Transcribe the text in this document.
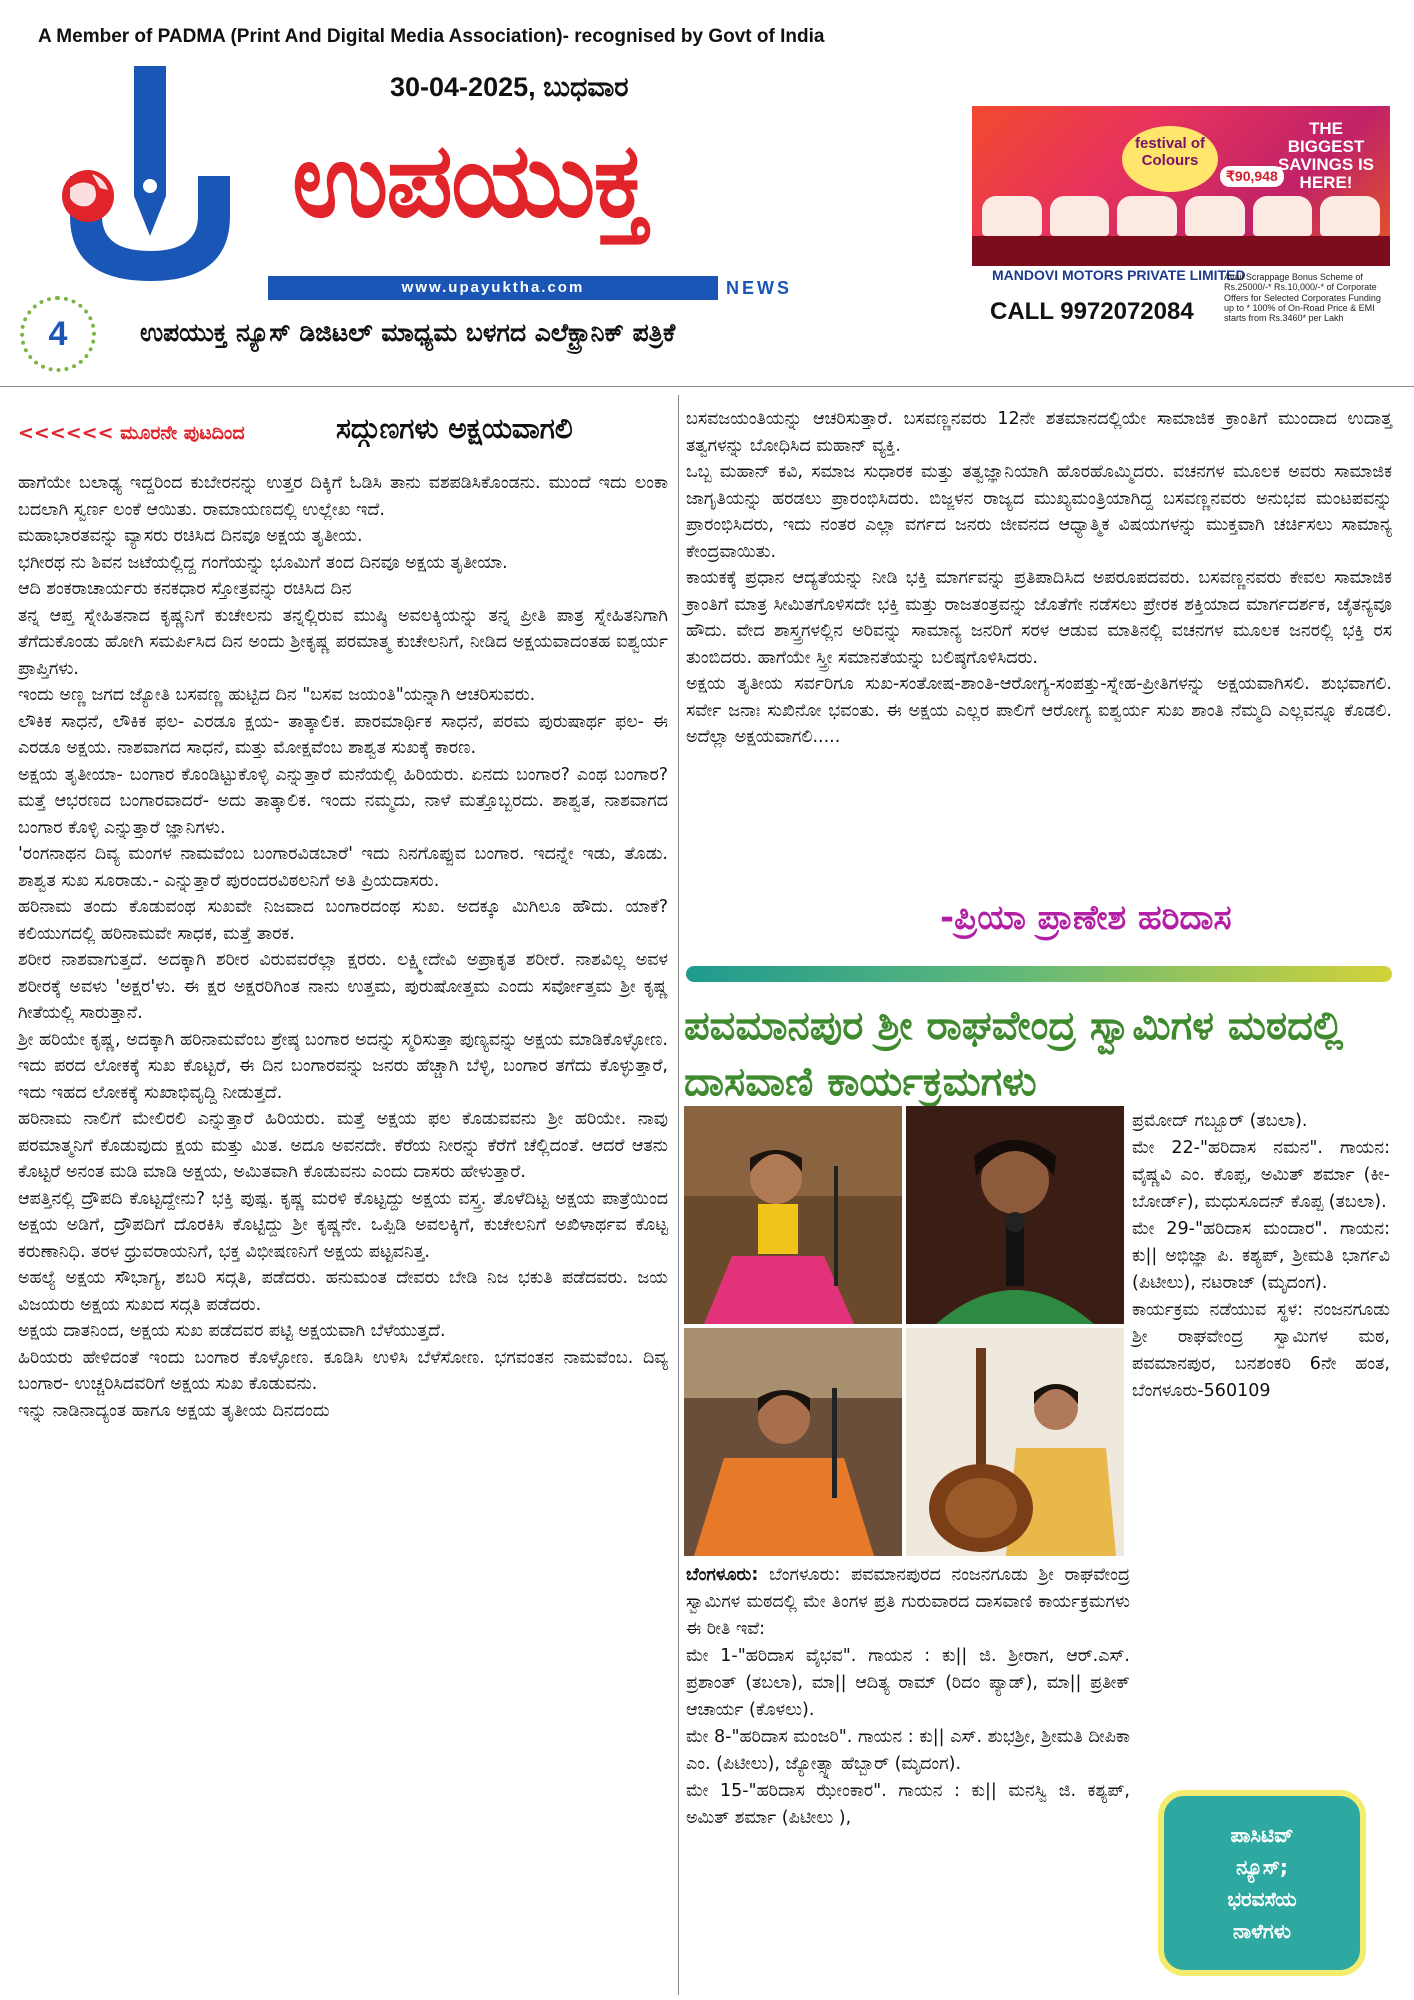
A Member of PADMA (Print And Digital Media Association)- recognised by Govt of India
30-04-2025, ಬುಧವಾರ
ಉಪಯುಕ್ತ
www.upayuktha.com	NEWS
4	ಉಪಯುಕ್ತ ನ್ಯೂಸ್ ಡಿಜಿಟಲ್ ಮಾಧ್ಯಮ ಬಳಗದ ಎಲೆಕ್ಟ್ರಾನಿಕ್ ಪತ್ರಿಕೆ
festival of Colours
₹90,948
THE BIGGEST SAVINGS IS HERE!
MANDOVI MOTORS PRIVATE LIMITED
CALL 9972072084
Avail Scrappage Bonus Scheme of Rs.25000/-* Rs.10,000/-* of Corporate Offers for Selected Corporates Funding up to * 100% of On-Road Price & EMI starts from Rs.3460* per Lakh
<<<<<< ಮೂರನೇ ಪುಟದಿಂದ	ಸದ್ಗುಣಗಳು ಅಕ್ಷಯವಾಗಲಿ

ಹಾಗೆಯೇ ಬಲಾಢ್ಯ ಇದ್ದರಿಂದ ಕುಬೇರನನ್ನು ಉತ್ತರ ದಿಕ್ಕಿಗೆ ಓಡಿಸಿ ತಾನು ವಶಪಡಿಸಿಕೊಂಡನು. ಮುಂದೆ ಇದು ಲಂಕಾ ಬದಲಾಗಿ ಸ್ವರ್ಣ ಲಂಕೆ ಆಯಿತು. ರಾಮಾಯಣದಲ್ಲಿ ಉಲ್ಲೇಖ ಇದೆ.

ಮಹಾಭಾರತವನ್ನು ವ್ಯಾಸರು ರಚಿಸಿದ ದಿನವೂ ಅಕ್ಷಯ ತೃತೀಯ.

ಭಗೀರಥ ನು ಶಿವನ ಜಟೆಯಲ್ಲಿದ್ದ ಗಂಗೆಯನ್ನು ಭೂಮಿಗೆ ತಂದ ದಿನವೂ ಅಕ್ಷಯ ತೃತೀಯಾ.

ಆದಿ ಶಂಕರಾಚಾರ್ಯರು ಕನಕಧಾರ ಸ್ತೋತ್ರವನ್ನು ರಚಿಸಿದ ದಿನ

ತನ್ನ ಆಪ್ತ ಸ್ನೇಹಿತನಾದ ಕೃಷ್ಣನಿಗೆ ಕುಚೇಲನು ತನ್ನಲ್ಲಿರುವ ಮುಷ್ಠಿ ಅವಲಕ್ಕಿಯನ್ನು ತನ್ನ ಪ್ರೀತಿ ಪಾತ್ರ ಸ್ನೇಹಿತನಿಗಾಗಿ ತೆಗೆದುಕೊಂಡು ಹೋಗಿ ಸಮರ್ಪಿಸಿದ ದಿನ ಅಂದು ಶ್ರೀಕೃಷ್ಣ ಪರಮಾತ್ಮ ಕುಚೇಲನಿಗೆ, ನೀಡಿದ ಅಕ್ಷಯವಾದಂತಹ ಐಶ್ವರ್ಯ ಪ್ರಾಪ್ತಿಗಳು.

ಇಂದು ಅಣ್ಣ ಜಗದ ಜ್ಯೋತಿ ಬಸವಣ್ಣ ಹುಟ್ಟಿದ ದಿನ "ಬಸವ ಜಯಂತಿ"ಯನ್ನಾಗಿ ಆಚರಿಸುವರು.

ಲೌಕಿಕ ಸಾಧನೆ, ಲೌಕಿಕ ಫಲ- ಎರಡೂ ಕ್ಷಯ- ತಾತ್ಕಾಲಿಕ. ಪಾರಮಾರ್ಥಿಕ ಸಾಧನೆ, ಪರಮ ಪುರುಷಾರ್ಥ ಫಲ- ಈ ಎರಡೂ ಅಕ್ಷಯ. ನಾಶವಾಗದ ಸಾಧನೆ, ಮತ್ತು ಮೋಕ್ಷವೆಂಬ ಶಾಶ್ವತ ಸುಖಕ್ಕೆ ಕಾರಣ.

ಅಕ್ಷಯ ತೃತೀಯಾ- ಬಂಗಾರ ಕೊಂಡಿಟ್ಟುಕೊಳ್ಳಿ ಎನ್ನುತ್ತಾರೆ ಮನೆಯಲ್ಲಿ ಹಿರಿಯರು. ಏನದು ಬಂಗಾರ? ಎಂಥ ಬಂಗಾರ? ಮತ್ತೆ ಆಭರಣದ ಬಂಗಾರವಾದರೆ- ಅದು ತಾತ್ಕಾಲಿಕ. ಇಂದು ನಮ್ಮದು, ನಾಳೆ ಮತ್ತೊಬ್ಬರದು. ಶಾಶ್ವತ, ನಾಶವಾಗದ ಬಂಗಾರ ಕೊಳ್ಳಿ ಎನ್ನುತ್ತಾರೆ ಜ್ಞಾನಿಗಳು.

'ರಂಗನಾಥನ ದಿವ್ಯ ಮಂಗಳ ನಾಮವೆಂಬ ಬಂಗಾರವಿಡಬಾರೆ' ಇದು ನಿನಗೊಪ್ಪುವ ಬಂಗಾರ. ಇದನ್ನೇ ಇಡು, ತೊಡು. ಶಾಶ್ವತ ಸುಖ ಸೂರಾಡು.- ಎನ್ನುತ್ತಾರೆ ಪುರಂದರವಿಠಲನಿಗೆ ಅತಿ ಪ್ರಿಯದಾಸರು.

ಹರಿನಾಮ ತಂದು ಕೊಡುವಂಥ ಸುಖವೇ ನಿಜವಾದ ಬಂಗಾರದಂಥ ಸುಖ. ಅದಕ್ಕೂ ಮಿಗಿಲೂ ಹೌದು. ಯಾಕೆ? ಕಲಿಯುಗದಲ್ಲಿ ಹರಿನಾಮವೇ ಸಾಧಕ, ಮತ್ತೆ ತಾರಕ.

ಶರೀರ ನಾಶವಾಗುತ್ತದೆ. ಅದಕ್ಕಾಗಿ ಶರೀರ ವಿರುವವರೆಲ್ಲಾ ಕ್ಷರರು. ಲಕ್ಷ್ಮೀದೇವಿ ಅಪ್ರಾಕೃತ ಶರೀರೆ. ನಾಶವಿಲ್ಲ ಅವಳ ಶರೀರಕ್ಕೆ ಅವಳು 'ಅಕ್ಷರ'ಳು. ಈ ಕ್ಷರ ಅಕ್ಷರರಿಗಿಂತ ನಾನು ಉತ್ತಮ, ಪುರುಷೋತ್ತಮ ಎಂದು ಸರ್ವೋತ್ತಮ ಶ್ರೀ ಕೃಷ್ಣ ಗೀತೆಯಲ್ಲಿ ಸಾರುತ್ತಾನೆ.

ಶ್ರೀ ಹರಿಯೇ ಕೃಷ್ಣ, ಅದಕ್ಕಾಗಿ ಹರಿನಾಮವೆಂಬ ಶ್ರೇಷ್ಠ ಬಂಗಾರ ಅದನ್ನು ಸ್ಮರಿಸುತ್ತಾ ಪುಣ್ಯವನ್ನು ಅಕ್ಷಯ ಮಾಡಿಕೊಳ್ಳೋಣ. ಇದು ಪರದ ಲೋಕಕ್ಕೆ ಸುಖ ಕೊಟ್ಟರೆ, ಈ ದಿನ ಬಂಗಾರವನ್ನು ಜನರು ಹೆಚ್ಚಾಗಿ ಬೆಳ್ಳಿ, ಬಂಗಾರ ತಗೆದು ಕೊಳ್ಳುತ್ತಾರೆ, ಇದು ಇಹದ ಲೋಕಕ್ಕೆ ಸುಖಾಭಿವೃದ್ದಿ ನೀಡುತ್ತದೆ.

ಹರಿನಾಮ ನಾಲಿಗೆ ಮೇಲಿರಲಿ ಎನ್ನುತ್ತಾರೆ ಹಿರಿಯರು. ಮತ್ತೆ ಅಕ್ಷಯ ಫಲ ಕೊಡುವವನು ಶ್ರೀ ಹರಿಯೇ. ನಾವು ಪರಮಾತ್ಮನಿಗೆ ಕೊಡುವುದು ಕ್ಷಯ ಮತ್ತು ಮಿತ. ಅದೂ ಅವನದೇ. ಕೆರೆಯ ನೀರನ್ನು ಕೆರೆಗೆ ಚೆಲ್ಲಿದಂತೆ. ಆದರೆ ಆತನು ಕೊಟ್ಟರೆ ಅನಂತ ಮಡಿ ಮಾಡಿ ಅಕ್ಷಯ, ಅಮಿತವಾಗಿ ಕೊಡುವನು ಎಂದು ದಾಸರು ಹೇಳುತ್ತಾರೆ.

ಆಪತ್ತಿನಲ್ಲಿ ದ್ರೌಪದಿ ಕೊಟ್ಟದ್ದೇನು? ಭಕ್ತಿ ಪುಷ್ಪ. ಕೃಷ್ಣ ಮರಳಿ ಕೊಟ್ಟದ್ದು ಅಕ್ಷಯ ವಸ್ತ್ರ. ತೊಳೆದಿಟ್ಟ ಅಕ್ಷಯ ಪಾತ್ರೆಯಿಂದ ಅಕ್ಷಯ ಅಡಿಗೆ, ದ್ರೌಪದಿಗೆ ದೊರಕಿಸಿ ಕೊಟ್ಟಿದ್ದು ಶ್ರೀ ಕೃಷ್ಣನೇ. ಒಪ್ಪಿಡಿ ಅವಲಕ್ಕಿಗೆ, ಕುಚೇಲನಿಗೆ ಅಖಿಳಾರ್ಥವ ಕೊಟ್ಟ ಕರುಣಾನಿಧಿ. ತರಳ ಧ್ರುವರಾಯನಿಗೆ, ಭಕ್ತ ವಿಭೀಷಣನಿಗೆ ಅಕ್ಷಯ ಪಟ್ಟವನಿತ್ತ.

ಅಹಲ್ಯೆ ಅಕ್ಷಯ ಸೌಭಾಗ್ಯ, ಶಬರಿ ಸದ್ಗತಿ, ಪಡೆದರು. ಹನುಮಂತ ದೇವರು ಬೇಡಿ ನಿಜ ಭಕುತಿ ಪಡೆದವರು. ಜಯ ವಿಜಯರು ಅಕ್ಷಯ ಸುಖದ ಸದ್ಗತಿ ಪಡೆದರು.

ಅಕ್ಷಯ ದಾತನಿಂದ, ಅಕ್ಷಯ ಸುಖ ಪಡೆದವರ ಪಟ್ಟಿ ಅಕ್ಷಯವಾಗಿ ಬೆಳೆಯುತ್ತದೆ.

ಹಿರಿಯರು ಹೇಳಿದಂತೆ ಇಂದು ಬಂಗಾರ ಕೊಳ್ಳೋಣ. ಕೂಡಿಸಿ ಉಳಿಸಿ ಬೆಳೆಸೋಣ. ಭಗವಂತನ ನಾಮವೆಂಬ. ದಿವ್ಯ ಬಂಗಾರ- ಉಚ್ಚರಿಸಿದವರಿಗೆ ಅಕ್ಷಯ ಸುಖ ಕೊಡುವನು.

ಇನ್ನು ನಾಡಿನಾದ್ಯಂತ ಹಾಗೂ ಅಕ್ಷಯ ತೃತೀಯ ದಿನದಂದು

ಬಸವಜಯಂತಿಯನ್ನು ಆಚರಿಸುತ್ತಾರೆ. ಬಸವಣ್ಣನವರು 12ನೇ ಶತಮಾನದಲ್ಲಿಯೇ ಸಾಮಾಜಿಕ ಕ್ರಾಂತಿಗೆ ಮುಂದಾದ ಉದಾತ್ತ ತತ್ವಗಳನ್ನು ಬೋಧಿಸಿದ ಮಹಾನ್ ವ್ಯಕ್ತಿ.

ಒಬ್ಬ ಮಹಾನ್ ಕವಿ, ಸಮಾಜ ಸುಧಾರಕ ಮತ್ತು ತತ್ವಜ್ಞಾನಿಯಾಗಿ ಹೊರಹೊಮ್ಮಿದರು. ವಚನಗಳ ಮೂಲಕ ಅವರು ಸಾಮಾಜಿಕ ಜಾಗೃತಿಯನ್ನು ಹರಡಲು ಪ್ರಾರಂಭಿಸಿದರು. ಬಿಜ್ಜಳನ ರಾಜ್ಯದ ಮುಖ್ಯಮಂತ್ರಿಯಾಗಿದ್ದ ಬಸವಣ್ಣನವರು ಅನುಭವ ಮಂಟಪವನ್ನು ಪ್ರಾರಂಭಿಸಿದರು, ಇದು ನಂತರ ಎಲ್ಲಾ ವರ್ಗದ ಜನರು ಜೀವನದ ಆಧ್ಯಾತ್ಮಿಕ ವಿಷಯಗಳನ್ನು ಮುಕ್ತವಾಗಿ ಚರ್ಚಿಸಲು ಸಾಮಾನ್ಯ ಕೇಂದ್ರವಾಯಿತು.

ಕಾಯಕಕ್ಕೆ ಪ್ರಧಾನ ಆದ್ಯತೆಯನ್ನು ನೀಡಿ ಭಕ್ತಿ ಮಾರ್ಗವನ್ನು ಪ್ರತಿಪಾದಿಸಿದ ಅಪರೂಪದವರು. ಬಸವಣ್ಣನವರು ಕೇವಲ ಸಾಮಾಜಿಕ ಕ್ರಾಂತಿಗೆ ಮಾತ್ರ ಸೀಮಿತಗೊಳಿಸದೇ ಭಕ್ತಿ ಮತ್ತು ರಾಜತಂತ್ರವನ್ನು ಜೊತೆಗೇ ನಡೆಸಲು ಪ್ರೇರಕ ಶಕ್ತಿಯಾದ ಮಾರ್ಗದರ್ಶಕ, ಚೈತನ್ಯವೂ ಹೌದು. ವೇದ ಶಾಸ್ತ್ರಗಳಲ್ಲಿನ ಅರಿವನ್ನು ಸಾಮಾನ್ಯ ಜನರಿಗೆ ಸರಳ ಆಡುವ ಮಾತಿನಲ್ಲಿ ವಚನಗಳ ಮೂಲಕ ಜನರಲ್ಲಿ ಭಕ್ತಿ ರಸ ತುಂಬಿದರು. ಹಾಗೆಯೇ ಸ್ತ್ರೀ ಸಮಾನತೆಯನ್ನು ಬಲಿಷ್ಠಗೊಳಿಸಿದರು.

ಅಕ್ಷಯ ತೃತೀಯ ಸರ್ವರಿಗೂ ಸುಖ-ಸಂತೋಷ-ಶಾಂತಿ-ಆರೋಗ್ಯ-ಸಂಪತ್ತು-ಸ್ನೇಹ-ಪ್ರೀತಿಗಳನ್ನು ಅಕ್ಷಯವಾಗಿಸಲಿ. ಶುಭವಾಗಲಿ. ಸರ್ವೇ ಜನಾಃ ಸುಖಿನೋ ಭವಂತು. ಈ ಅಕ್ಷಯ ಎಲ್ಲರ ಪಾಲಿಗೆ ಆರೋಗ್ಯ ಐಶ್ವರ್ಯ ಸುಖ ಶಾಂತಿ ನೆಮ್ಮದಿ ಎಲ್ಲವನ್ನೂ ಕೊಡಲಿ. ಅದೆಲ್ಲಾ ಅಕ್ಷಯವಾಗಲಿ.....

-ಪ್ರಿಯಾ ಪ್ರಾಣೇಶ ಹರಿದಾಸ
ಪವಮಾನಪುರ ಶ್ರೀ ರಾಘವೇಂದ್ರ ಸ್ವಾಮಿಗಳ ಮಠದಲ್ಲಿ ದಾಸವಾಣಿ ಕಾರ್ಯಕ್ರಮಗಳು

ಪ್ರಮೋದ್ ಗಬ್ಬೂರ್ (ತಬಲಾ).

ಮೇ 22-"ಹರಿದಾಸ ನಮನ". ಗಾಯನ: ವೈಷ್ಣವಿ ಎಂ. ಕೊಪ್ಪ, ಅಮಿತ್ ಶರ್ಮಾ (ಕೀ-ಬೋರ್ಡ್), ಮಧುಸೂದನ್ ಕೊಪ್ಪ (ತಬಲಾ).

ಮೇ 29-"ಹರಿದಾಸ ಮಂದಾರ". ಗಾಯನ: ಕು|| ಅಭಿಜ್ಞಾ ಪಿ. ಕಶ್ಯಪ್, ಶ್ರೀಮತಿ ಭಾರ್ಗವಿ (ಪಿಟೀಲು), ನಟರಾಜ್ (ಮೃದಂಗ).

ಕಾರ್ಯಕ್ರಮ ನಡೆಯುವ ಸ್ಥಳ: ನಂಜನಗೂಡು ಶ್ರೀ ರಾಘವೇಂದ್ರ ಸ್ವಾಮಿಗಳ ಮಠ, ಪವಮಾನಪುರ, ಬನಶಂಕರಿ 6ನೇ ಹಂತ, ಬೆಂಗಳೂರು-560109

ಬೆಂಗಳೂರು: ಬೆಂಗಳೂರು: ಪವಮಾನಪುರದ ನಂಜನಗೂಡು ಶ್ರೀ ರಾಘವೇಂದ್ರ ಸ್ವಾಮಿಗಳ ಮಠದಲ್ಲಿ ಮೇ ತಿಂಗಳ ಪ್ರತಿ ಗುರುವಾರದ ದಾಸವಾಣಿ ಕಾರ್ಯಕ್ರಮಗಳು ಈ ರೀತಿ ಇವೆ:

ಮೇ 1-"ಹರಿದಾಸ ವೈಭವ". ಗಾಯನ : ಕು|| ಜಿ. ಶ್ರೀರಾಗ, ಆರ್.ಎಸ್. ಪ್ರಶಾಂತ್ (ತಬಲಾ), ಮಾ|| ಆದಿತ್ಯ ರಾಮ್ (ರಿದಂ ಪ್ಯಾಡ್), ಮಾ|| ಪ್ರತೀಕ್ ಆಚಾರ್ಯ (ಕೊಳಲು).

ಮೇ 8-"ಹರಿದಾಸ ಮಂಜರಿ". ಗಾಯನ : ಕು|| ಎಸ್. ಶುಭಶ್ರೀ, ಶ್ರೀಮತಿ ದೀಪಿಕಾ ಎಂ. (ಪಿಟೀಲು), ಜ್ಯೋತ್ಸ್ನಾ ಹೆಬ್ಬಾರ್ (ಮೃದಂಗ).

ಮೇ 15-"ಹರಿದಾಸ ಝೇಂಕಾರ". ಗಾಯನ : ಕು|| ಮನಸ್ವಿ ಜಿ. ಕಶ್ಯಪ್, ಅಮಿತ್ ಶರ್ಮಾ (ಪಿಟೀಲು ),

ಪಾಸಿಟಿವ್
ನ್ಯೂಸ್;
ಭರವಸೆಯ
ನಾಳೆಗಳು
